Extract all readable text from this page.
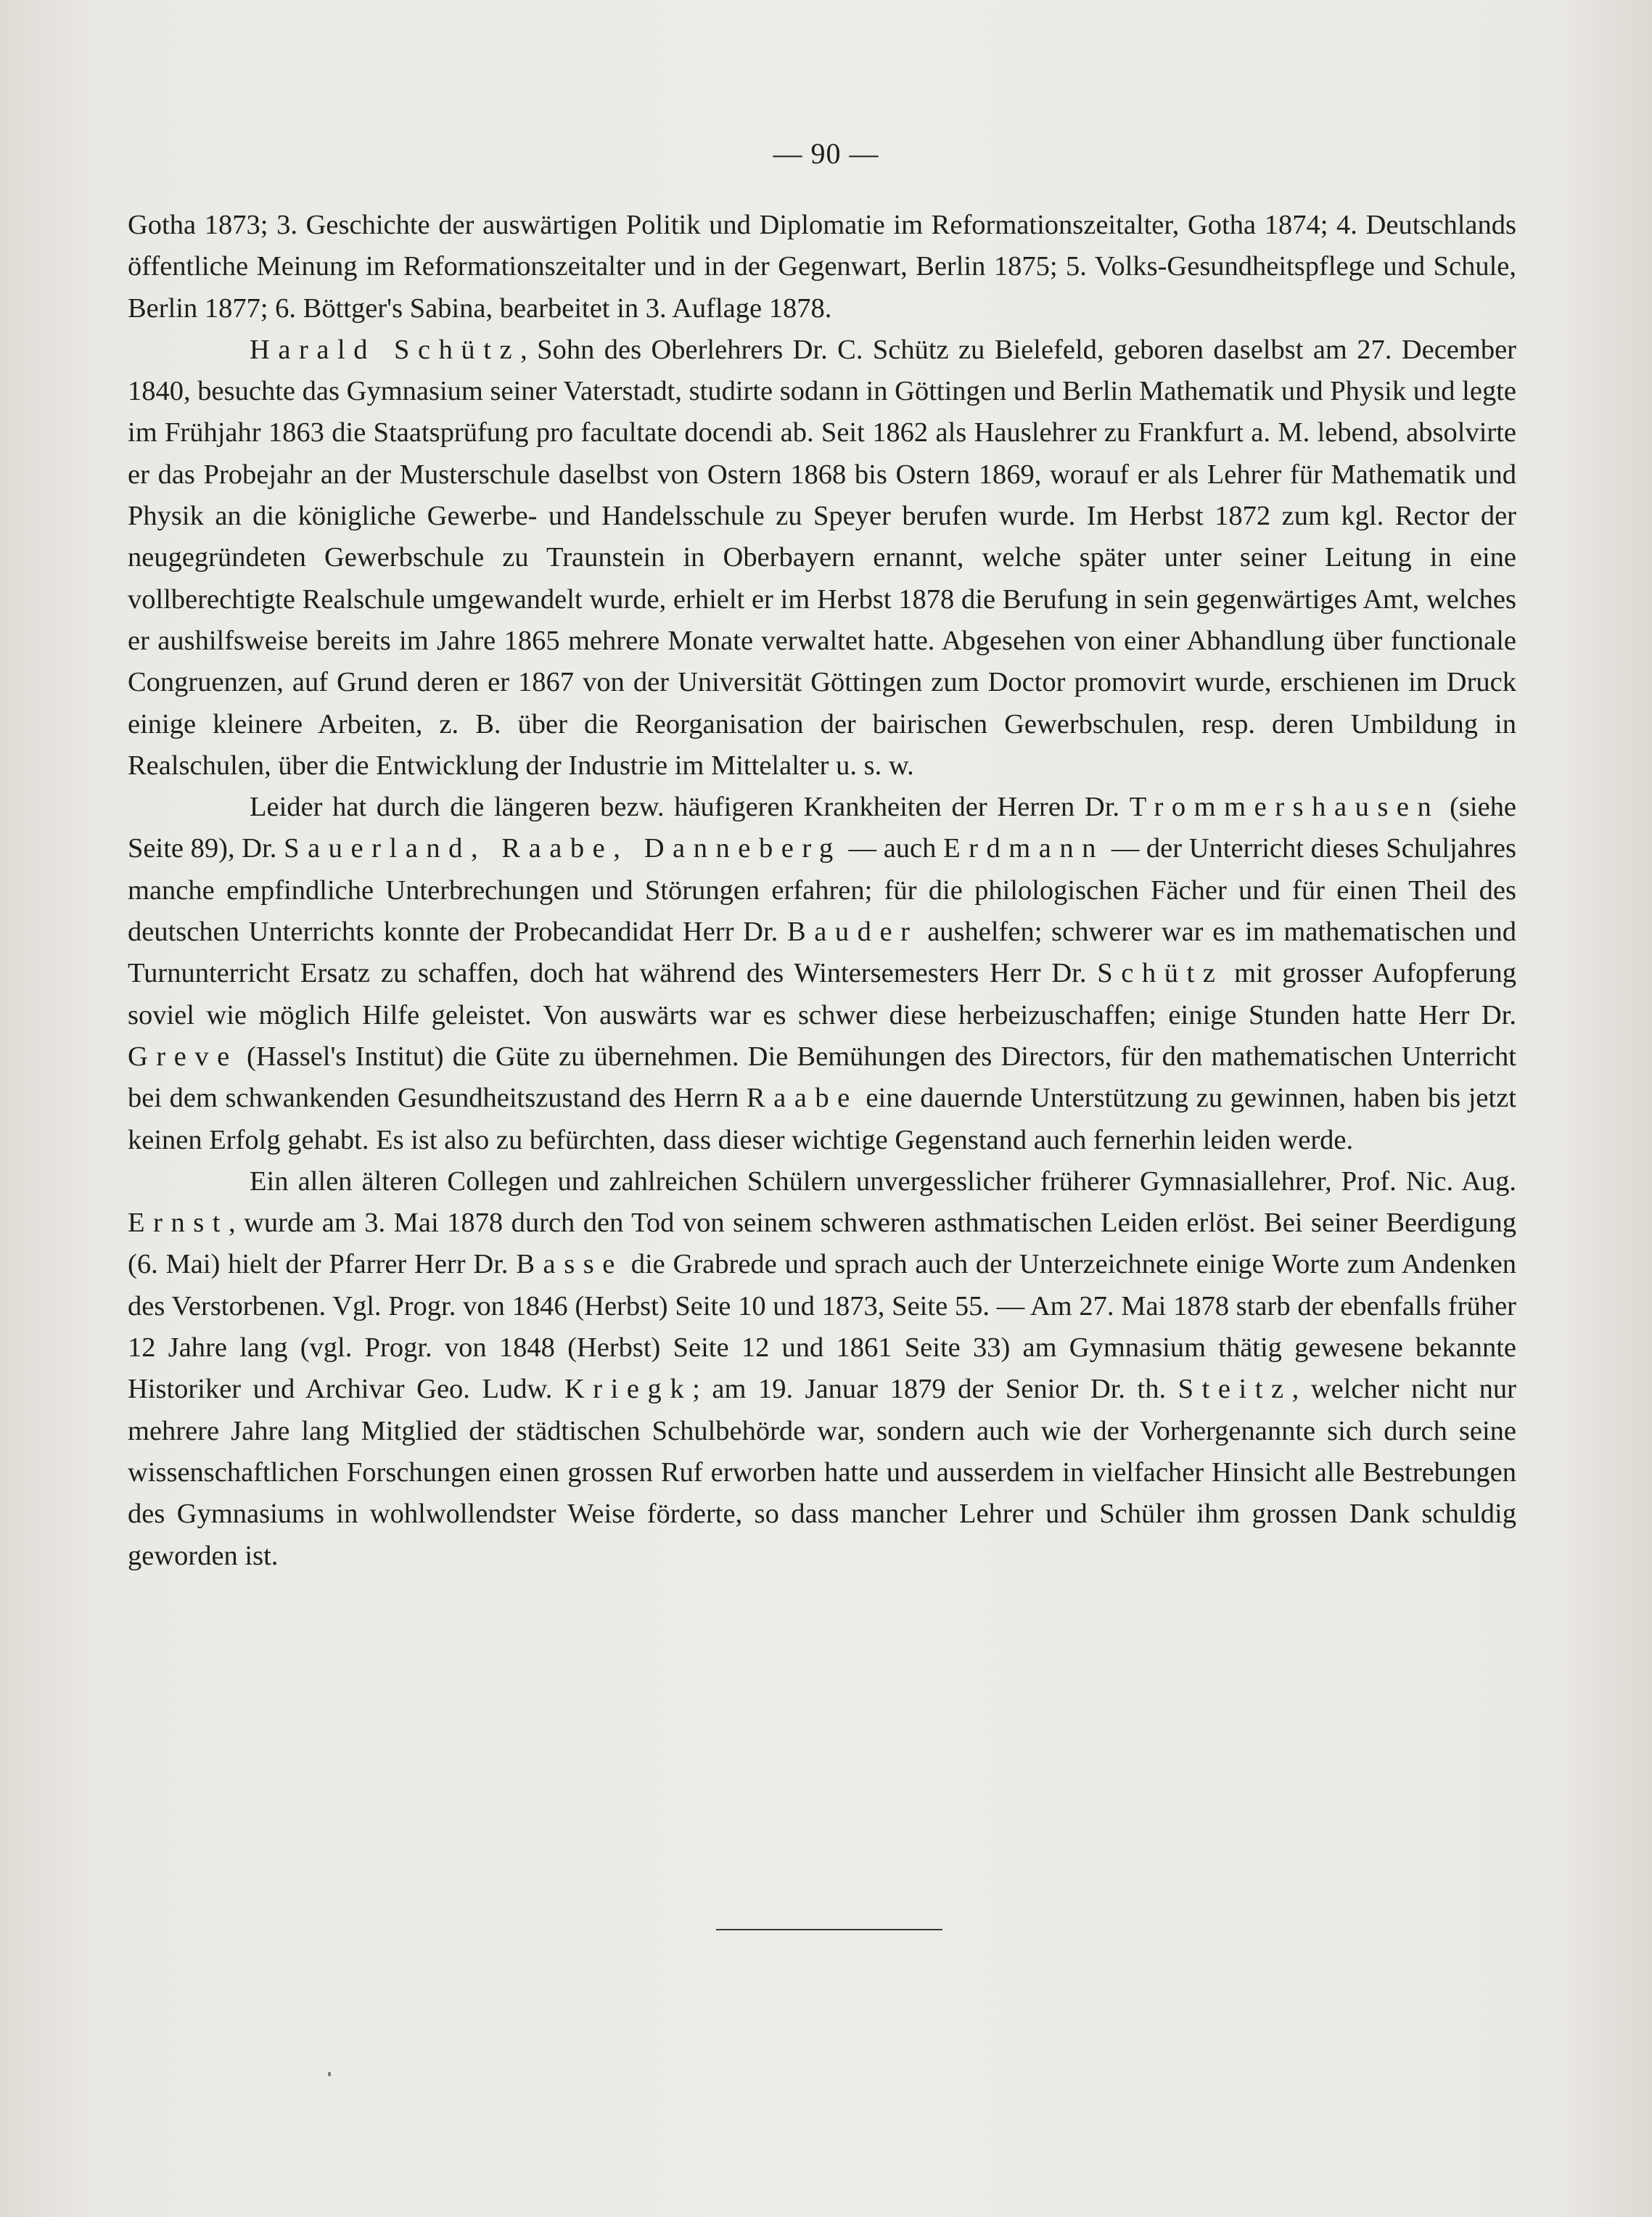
— 90 —

Gotha 1873; 3. Geschichte der auswärtigen Politik und Diplomatie im Reformationszeitalter, Gotha 1874; 4. Deutschlands öffentliche Meinung im Reformationszeitalter und in der Gegenwart, Berlin 1875; 5. Volks-Gesundheitspflege und Schule, Berlin 1877; 6. Böttger's Sabina, bearbeitet in 3. Auflage 1878.

Harald Schütz, Sohn des Oberlehrers Dr. C. Schütz zu Bielefeld, geboren daselbst am 27. December 1840, besuchte das Gymnasium seiner Vaterstadt, studirte sodann in Göttingen und Berlin Mathematik und Physik und legte im Frühjahr 1863 die Staatsprüfung pro facultate docendi ab. Seit 1862 als Hauslehrer zu Frankfurt a. M. lebend, absolvirte er das Probejahr an der Musterschule daselbst von Ostern 1868 bis Ostern 1869, worauf er als Lehrer für Mathematik und Physik an die königliche Gewerbe- und Handelsschule zu Speyer berufen wurde. Im Herbst 1872 zum kgl. Rector der neugegründeten Gewerbschule zu Traunstein in Oberbayern ernannt, welche später unter seiner Leitung in eine vollberechtigte Realschule umgewandelt wurde, erhielt er im Herbst 1878 die Berufung in sein gegenwärtiges Amt, welches er aushilfsweise bereits im Jahre 1865 mehrere Monate verwaltet hatte. Abgesehen von einer Abhandlung über functionale Congruenzen, auf Grund deren er 1867 von der Universität Göttingen zum Doctor promovirt wurde, erschienen im Druck einige kleinere Arbeiten, z. B. über die Reorganisation der bairischen Gewerbschulen, resp. deren Umbildung in Realschulen, über die Entwicklung der Industrie im Mittelalter u. s. w.

Leider hat durch die längeren bezw. häufigeren Krankheiten der Herren Dr. Trommershausen (siehe Seite 89), Dr. Sauerland, Raabe, Danneberg — auch Erdmann — der Unterricht dieses Schuljahres manche empfindliche Unterbrechungen und Störungen erfahren; für die philologischen Fächer und für einen Theil des deutschen Unterrichts konnte der Probecandidat Herr Dr. Bauder aushelfen; schwerer war es im mathematischen und Turnunterricht Ersatz zu schaffen, doch hat während des Wintersemesters Herr Dr. Schütz mit grosser Aufopferung soviel wie möglich Hilfe geleistet. Von auswärts war es schwer diese herbeizuschaffen; einige Stunden hatte Herr Dr. Greve (Hassel's Institut) die Güte zu übernehmen. Die Bemühungen des Directors, für den mathematischen Unterricht bei dem schwankenden Gesundheitszustand des Herrn Raabe eine dauernde Unterstützung zu gewinnen, haben bis jetzt keinen Erfolg gehabt. Es ist also zu befürchten, dass dieser wichtige Gegenstand auch fernerhin leiden werde.

Ein allen älteren Collegen und zahlreichen Schülern unvergesslicher früherer Gymnasiallehrer, Prof. Nic. Aug. Ernst, wurde am 3. Mai 1878 durch den Tod von seinem schweren asthmatischen Leiden erlöst. Bei seiner Beerdigung (6. Mai) hielt der Pfarrer Herr Dr. Basse die Grabrede und sprach auch der Unterzeichnete einige Worte zum Andenken des Verstorbenen. Vgl. Progr. von 1846 (Herbst) Seite 10 und 1873, Seite 55. — Am 27. Mai 1878 starb der ebenfalls früher 12 Jahre lang (vgl. Progr. von 1848 (Herbst) Seite 12 und 1861 Seite 33) am Gymnasium thätig gewesene bekannte Historiker und Archivar Geo. Ludw. Kriegk; am 19. Januar 1879 der Senior Dr. th. Steitz, welcher nicht nur mehrere Jahre lang Mitglied der städtischen Schulbehörde war, sondern auch wie der Vorhergenannte sich durch seine wissenschaftlichen Forschungen einen grossen Ruf erworben hatte und ausserdem in vielfacher Hinsicht alle Bestrebungen des Gymnasiums in wohlwollendster Weise förderte, so dass mancher Lehrer und Schüler ihm grossen Dank schuldig geworden ist.
